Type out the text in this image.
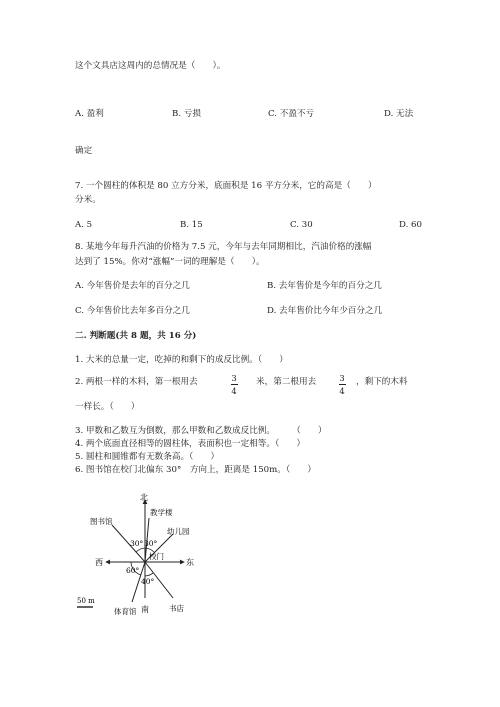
这个文具店这周内的总情况是（　　）。
A. 盈利	B. 亏损	C. 不盈不亏	D. 无法
确定
7. 一个圆柱的体积是 80 立方分米，底面积是 16 平方分米，它的高是（　　）
分米。
A. 5	B. 15	C. 30	D. 60
8. 某地今年每升汽油的价格为 7.5 元，今年与去年同期相比，汽油价格的涨幅
达到了 15%。你对“涨幅”一词的理解是（　　）。
A. 今年售价是去年的百分之几	B. 去年售价是今年的百分之几
C. 今年售价比去年多百分之几	D. 去年售价比今年少百分之几
二. 判断题(共 8 题，共 16 分)
1. 大米的总量一定，吃掉的和剩下的成反比例。（　　）
2. 两根一样的木料，第一根用去	3
4
米，第二根用去	3
4
，剩下的木料
一样长。（　　）
3. 甲数和乙数互为倒数，那么甲数和乙数成反比例。　　　（　　）
4. 两个底面直径相等的圆柱体，表面积也一定相等。（　　）
5. 圆柱和圆锥都有无数条高。（　　）
6. 图书馆在校门北偏东 30°　方向上，距离是 150m。（　　）
北
南
东
西
校门
教学楼
幼儿园
图书馆
体育馆	书店
30° 30°
60°
40°
50 m
